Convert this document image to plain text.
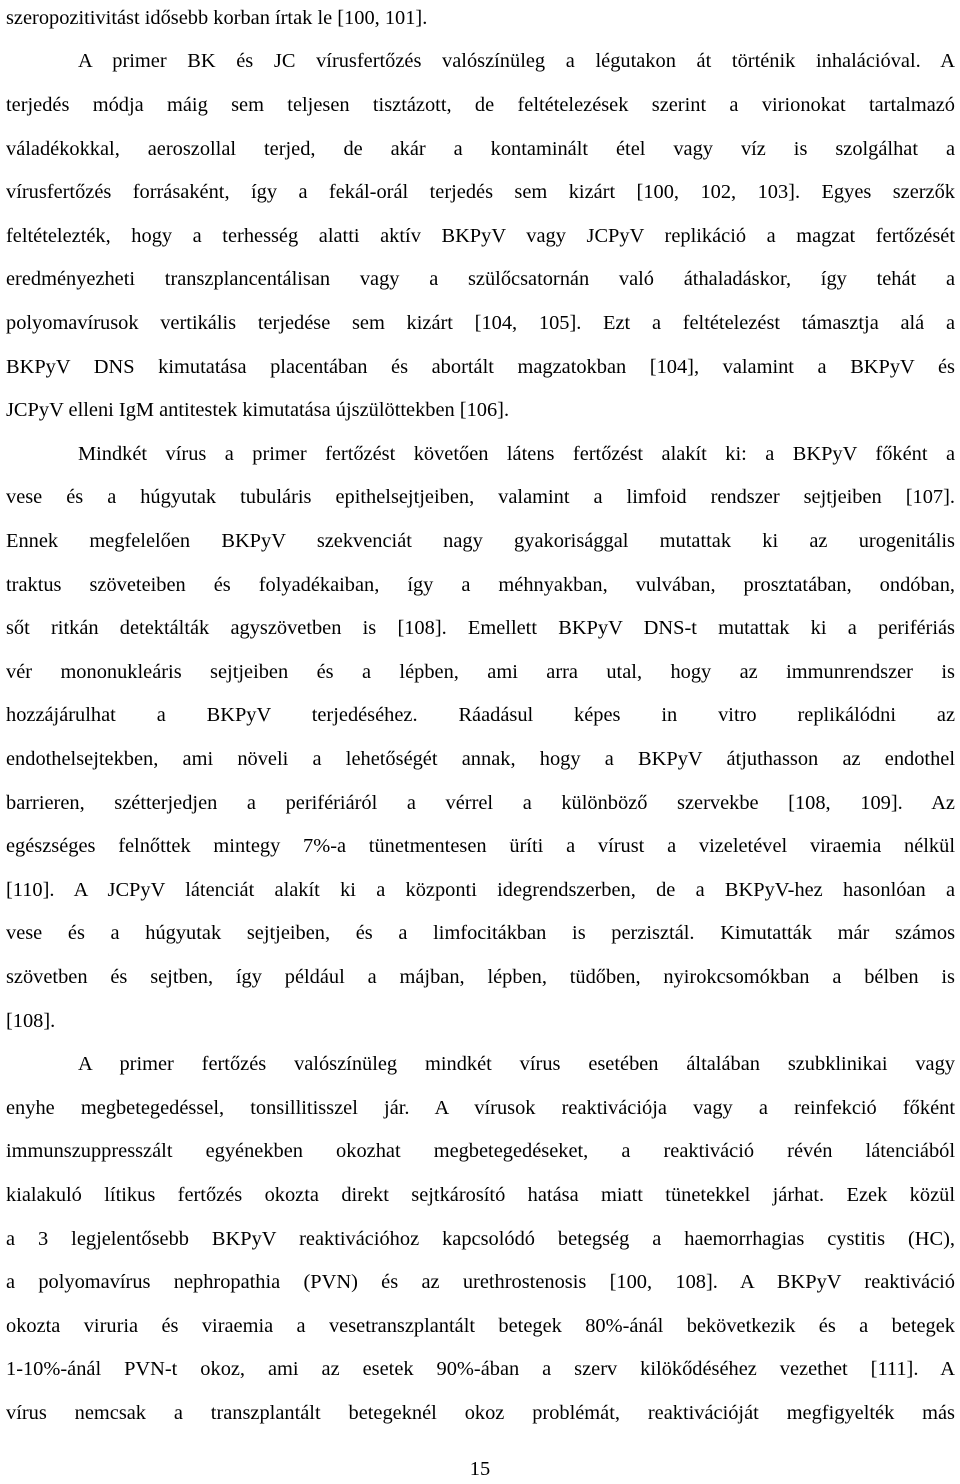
szeropozitivitást idősebb korban írtak le [100, 101].
A primer BK és JC vírusfertőzés valószínüleg a légutakon át történik inhalációval. A
terjedés módja máig sem teljesen tisztázott, de feltételezések szerint a virionokat tartalmazó
váladékokkal, aeroszollal terjed, de akár a kontaminált étel vagy víz is szolgálhat a
vírusfertőzés forrásaként, így a fekál-orál terjedés sem kizárt [100, 102, 103]. Egyes szerzők
feltételezték, hogy a terhesség alatti aktív BKPyV vagy JCPyV replikáció a magzat fertőzését
eredményezheti transzplancentálisan vagy a szülőcsatornán való áthaladáskor, így tehát a
polyomavírusok vertikális terjedése sem kizárt [104, 105]. Ezt a feltételezést támasztja alá a
BKPyV DNS kimutatása placentában és abortált magzatokban [104], valamint a BKPyV és
JCPyV elleni IgM antitestek kimutatása újszülöttekben [106].
Mindkét vírus a primer fertőzést követően látens fertőzést alakít ki: a BKPyV főként a
vese és a húgyutak tubuláris epithelsejtjeiben, valamint a limfoid rendszer sejtjeiben [107].
Ennek megfelelően BKPyV szekvenciát nagy gyakorisággal mutattak ki az urogenitális
traktus szöveteiben és folyadékaiban, így a méhnyakban, vulvában, prosztatában, ondóban,
sőt ritkán detektálták agyszövetben is [108]. Emellett BKPyV DNS-t mutattak ki a perifériás
vér mononukleáris sejtjeiben és a lépben, ami arra utal, hogy az immunrendszer is
hozzájárulhat a BKPyV terjedéséhez. Ráadásul képes in vitro replikálódni az
endothelsejtekben, ami növeli a lehetőségét annak, hogy a BKPyV átjuthasson az endothel
barrieren, szétterjedjen a perifériáról a vérrel a különböző szervekbe [108, 109]. Az
egészséges felnőttek mintegy 7%-a tünetmentesen üríti a vírust a vizeletével viraemia nélkül
[110]. A JCPyV látenciát alakít ki a központi idegrendszerben, de a BKPyV-hez hasonlóan a
vese és a húgyutak sejtjeiben, és a limfocitákban is perzisztál. Kimutatták már számos
szövetben és sejtben, így például a májban, lépben, tüdőben, nyirokcsomókban a bélben is
[108].
A primer fertőzés valószínüleg mindkét vírus esetében általában szubklinikai vagy
enyhe megbetegedéssel, tonsillitisszel jár. A vírusok reaktivációja vagy a reinfekció főként
immunszuppresszált egyénekben okozhat megbetegedéseket, a reaktiváció révén látenciából
kialakuló lítikus fertőzés okozta direkt sejtkárosító hatása miatt tünetekkel járhat. Ezek közül
a 3 legjelentősebb BKPyV reaktivációhoz kapcsolódó betegség a haemorrhagias cystitis (HC),
a polyomavírus nephropathia (PVN) és az urethrostenosis [100, 108]. A BKPyV reaktiváció
okozta viruria és viraemia a vesetranszplantált betegek 80%-ánál bekövetkezik és a betegek
1-10%-ánál PVN-t okoz, ami az esetek 90%-ában a szerv kilökődéséhez vezethet [111]. A
vírus nemcsak a transzplantált betegeknél okoz problémát, reaktivációját megfigyelték más
15
